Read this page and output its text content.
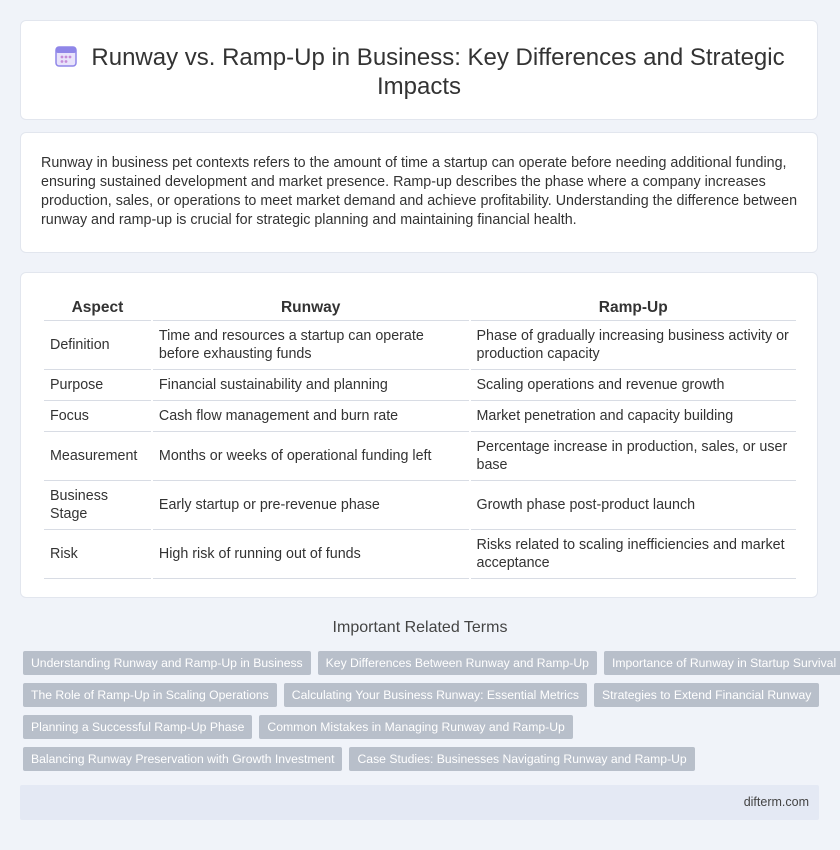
Runway vs. Ramp-Up in Business: Key Differences and Strategic Impacts

Runway in business pet contexts refers to the amount of time a startup can operate before needing additional funding, ensuring sustained development and market presence. Ramp-up describes the phase where a company increases production, sales, or operations to meet market demand and achieve profitability. Understanding the difference between runway and ramp-up is crucial for strategic planning and maintaining financial health.

Aspect	Runway	Ramp-Up
Definition	Time and resources a startup can operate before exhausting funds	Phase of gradually increasing business activity or production capacity
Purpose	Financial sustainability and planning	Scaling operations and revenue growth
Focus	Cash flow management and burn rate	Market penetration and capacity building
Measurement	Months or weeks of operational funding left	Percentage increase in production, sales, or user base
Business Stage	Early startup or pre-revenue phase	Growth phase post-product launch
Risk	High risk of running out of funds	Risks related to scaling inefficiencies and market acceptance
Important Related Terms
Understanding Runway and Ramp-Up in Business	Key Differences Between Runway and Ramp-Up	Importance of Runway in Startup Survival
The Role of Ramp-Up in Scaling Operations	Calculating Your Business Runway: Essential Metrics	Strategies to Extend Financial Runway
Planning a Successful Ramp-Up Phase	Common Mistakes in Managing Runway and Ramp-Up
Balancing Runway Preservation with Growth Investment	Case Studies: Businesses Navigating Runway and Ramp-Up
difterm.com
